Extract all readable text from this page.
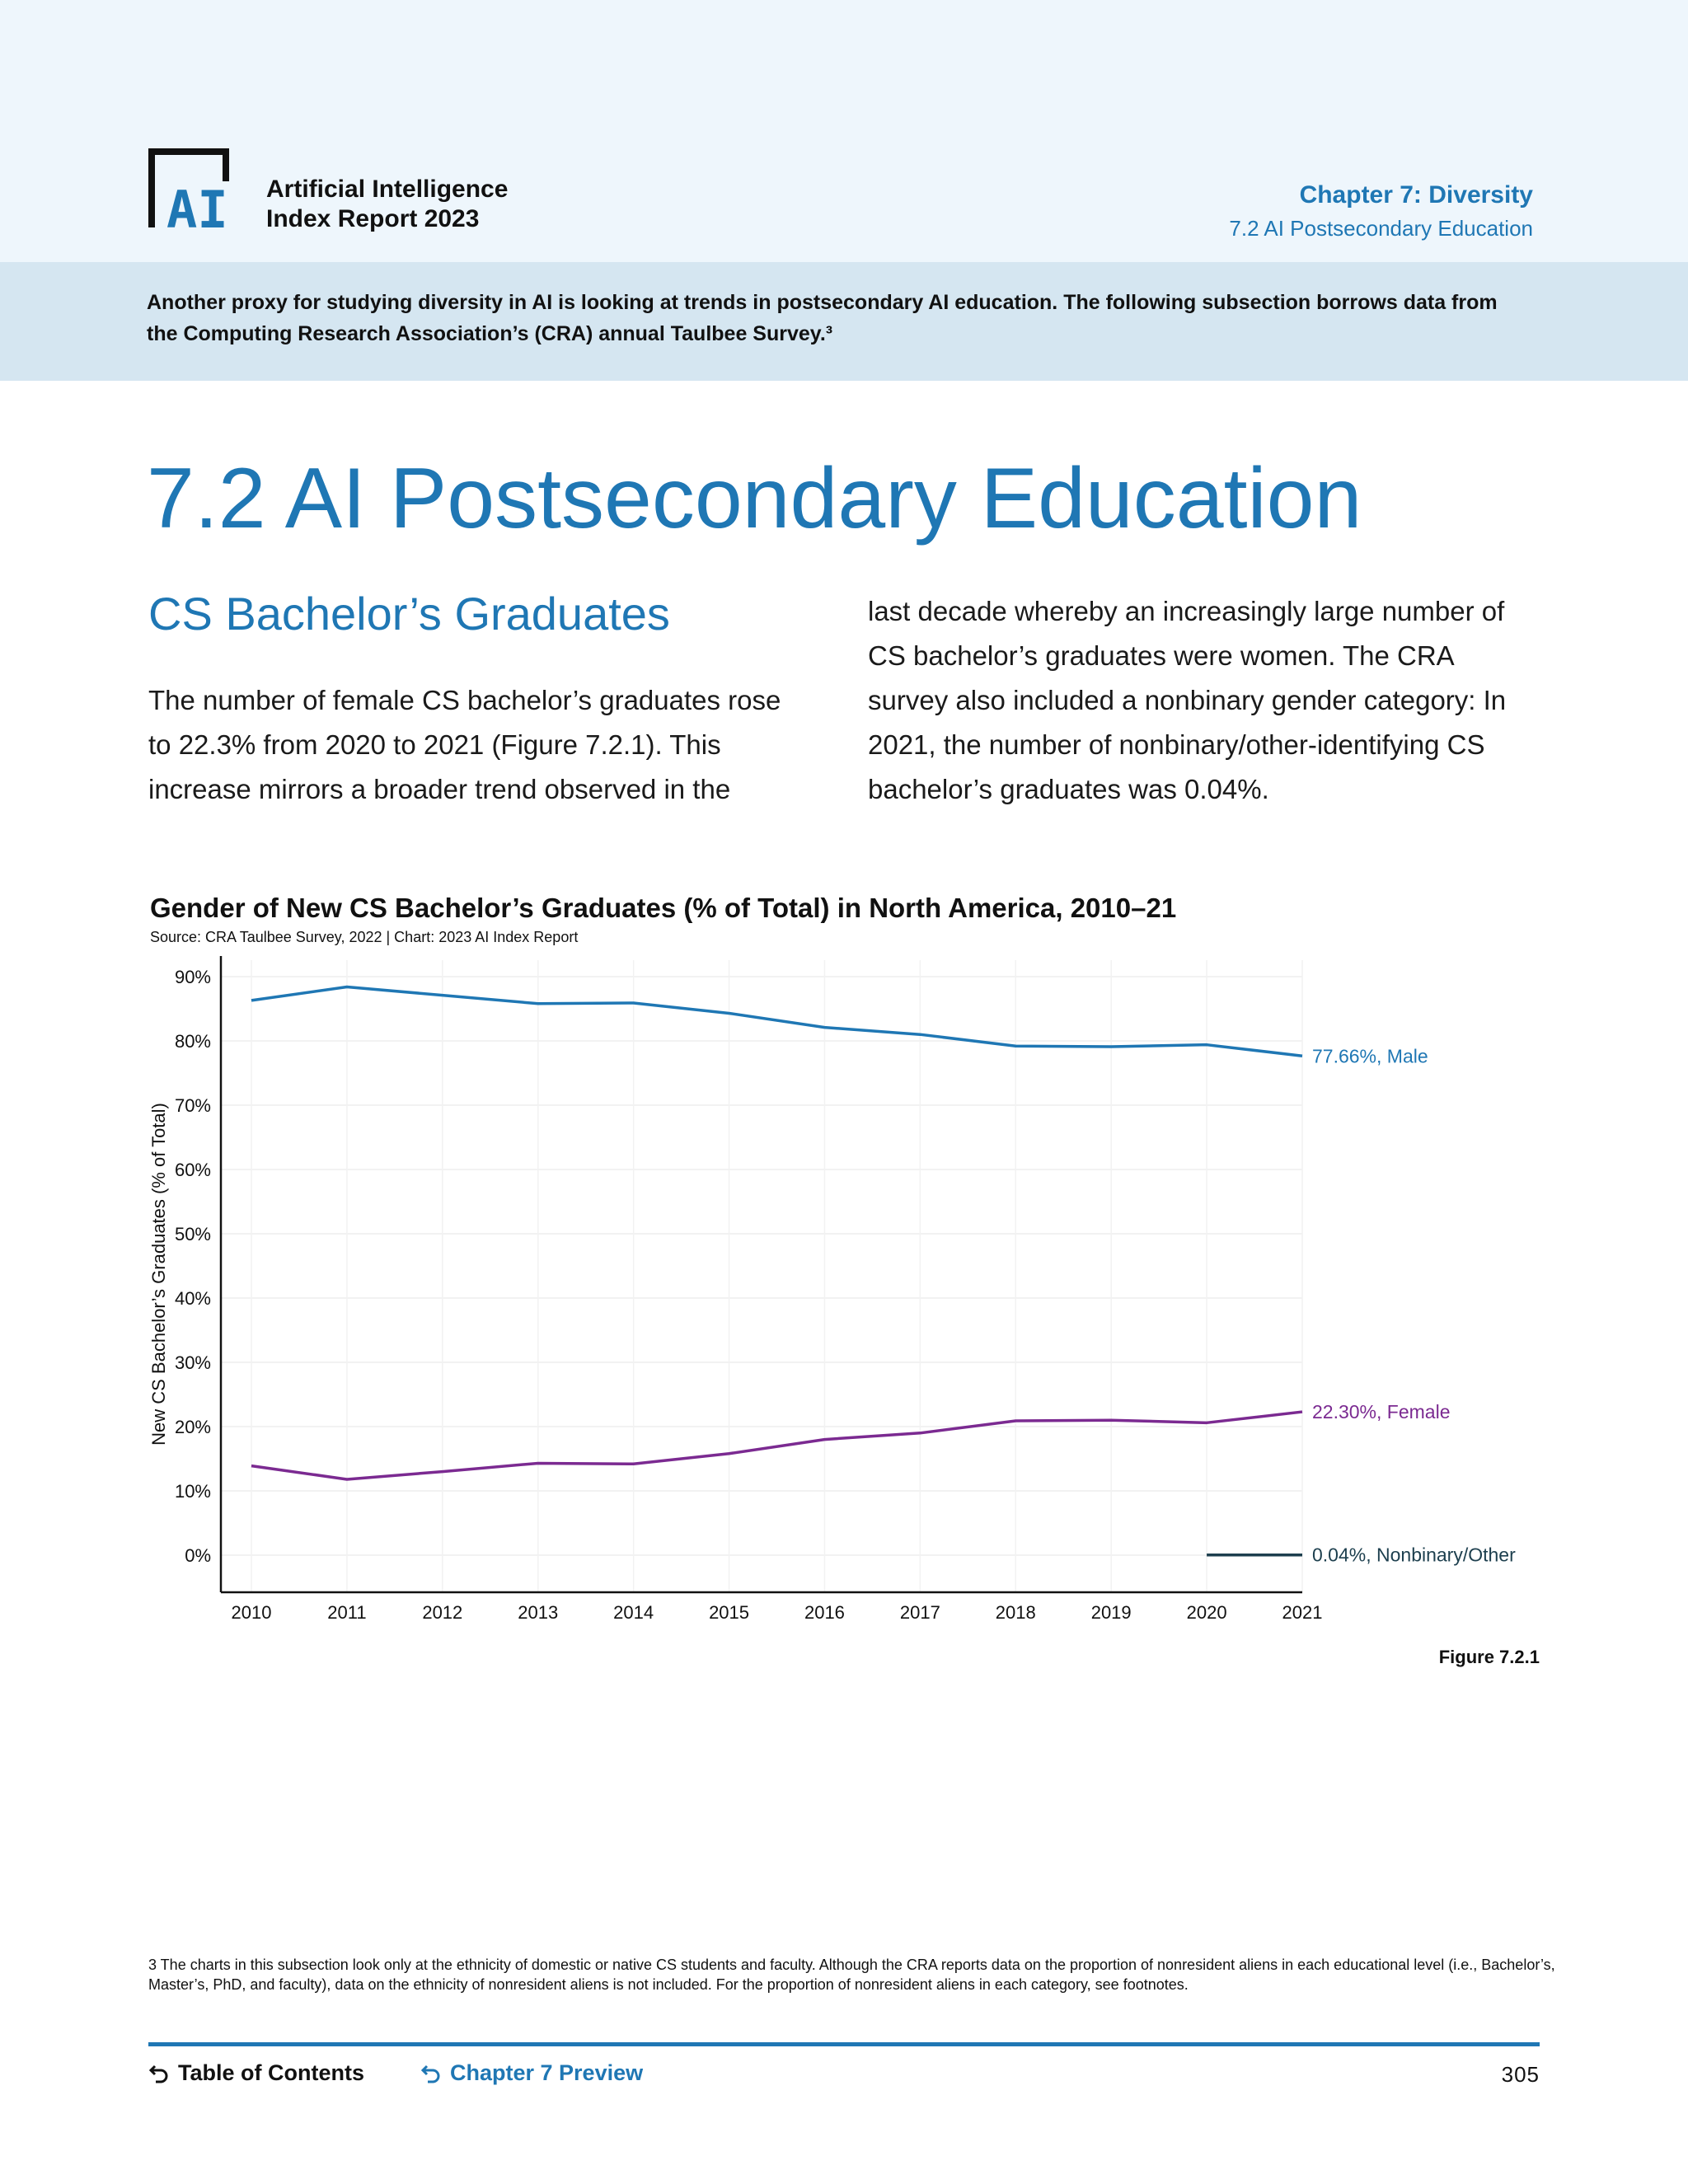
AI Artificial Intelligence
Index Report 2023
Chapter 7: Diversity
7.2 AI Postsecondary Education
Another proxy for studying diversity in AI is looking at trends in postsecondary AI education. The following subsection borrows data from the Computing Research Association’s (CRA) annual Taulbee Survey.³
7.2 AI Postsecondary Education
CS Bachelor’s Graduates
The number of female CS bachelor’s graduates rose to 22.3% from 2020 to 2021 (Figure 7.2.1). This increase mirrors a broader trend observed in the
last decade whereby an increasingly large number of CS bachelor’s graduates were women. The CRA survey also included a nonbinary gender category: In 2021, the number of nonbinary/other-identifying CS bachelor’s graduates was 0.04%.
Gender of New CS Bachelor’s Graduates (% of Total) in North America, 2010–21
Source: CRA Taulbee Survey, 2022 | Chart: 2023 AI Index Report
0%
10%
20%
30%
40%
50%
60%
70%
80%
90%
2010	2011	2012	2013	2014	2015	2016	2017	2018	2019	2020	2021
New CS Bachelor’s Graduates (% of Total)
77.66%, Male
22.30%, Female
0.04%, Nonbinary/Other
Figure 7.2.1
3 The charts in this subsection look only at the ethnicity of domestic or native CS students and faculty. Although the CRA reports data on the proportion of nonresident aliens in each educational level (i.e., Bachelor’s, Master’s, PhD, and faculty), data on the ethnicity of nonresident aliens is not included. For the proportion of nonresident aliens in each category, see footnotes.
Table of Contents	Chapter 7 Preview	305
